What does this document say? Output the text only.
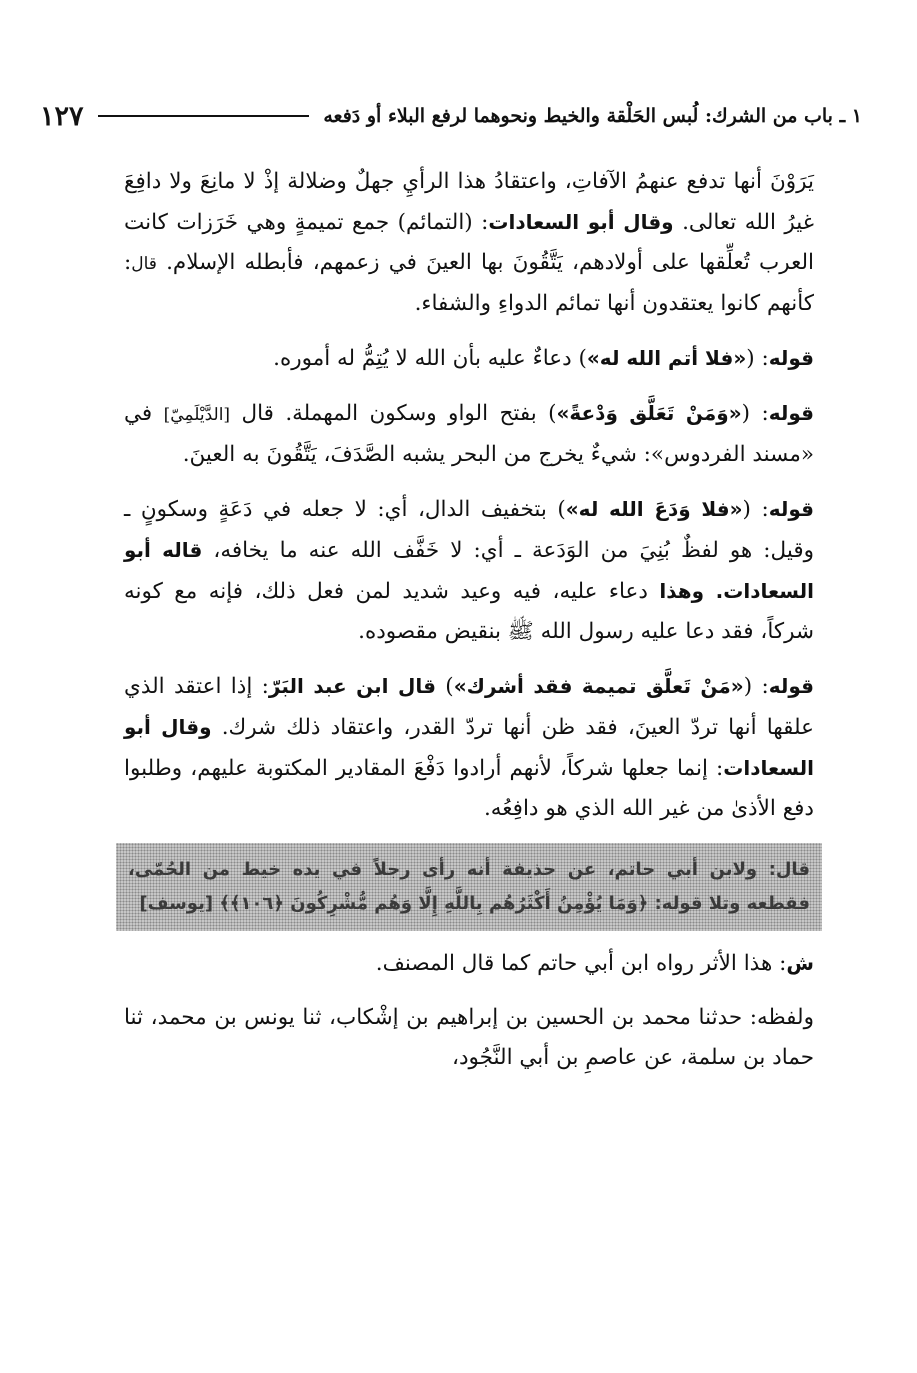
١٢٧	١ ـ باب من الشرك: لُبس الحَلْقة والخيط ونحوهما لرفع البلاء أو دَفعه

يَرَوْنَ أنها تدفع عنهمُ الآفاتِ، واعتقادُ هذا الرأيِ جهلٌ وضلالة إذْ لا مانِعَ ولا دافِعَ غيرُ الله تعالى. وقال أبو السعادات: (التمائم) جمع تميمةٍ وهي خَرَزات كانت العرب تُعلِّقها على أولادهم، يَتَّقُونَ بها العينَ في زعمهم، فأبطله الإسلام. قال: كأنهم كانوا يعتقدون أنها تمائم الدواءِ والشفاء.

قوله: («فلا أتم الله له») دعاءٌ عليه بأن الله لا يُتِمُّ له أموره.

قوله: («وَمَنْ تَعَلَّق وَدْعةً») بفتح الواو وسكون المهملة. قال [الدَّيْلَمِيّ] في «مسند الفردوس»: شيءٌ يخرج من البحر يشبه الصَّدَفَ، يَتَّقُونَ به العينَ.

قوله: («فلا وَدَعَ الله له») بتخفيف الدال، أي: لا جعله في دَعَةٍ وسكونٍ ـ وقيل: هو لفظٌ بُنِيَ من الوَدَعة ـ أي: لا خَفَّف الله عنه ما يخافه، قاله أبو السعادات. وهذا دعاء عليه، فيه وعيد شديد لمن فعل ذلك، فإنه مع كونه شركاً، فقد دعا عليه رسول الله ﷺ بنقيض مقصوده.

قوله: («مَنْ تَعلَّق تميمة فقد أشرك») قال ابن عبد البَرّ: إذا اعتقد الذي علقها أنها تردّ العينَ، فقد ظن أنها تردّ القدر، واعتقاد ذلك شرك. وقال أبو السعادات: إنما جعلها شركاً، لأنهم أرادوا دَفْعَ المقادير المكتوبة عليهم، وطلبوا دفع الأذىٰ من غير الله الذي هو دافِعُه.

قال: ولابن أبي حاتم، عن حذيفة أنه رأى رجلاً في يده خيط من الحُمّى، فقطعه وتلا قوله: ﴿وَمَا يُؤْمِنُ أَكْثَرُهُم بِاللَّهِ إِلَّا وَهُم مُّشْرِكُونَ ﴿١٠٦﴾﴾ [يوسف]

ش: هذا الأثر رواه ابن أبي حاتم كما قال المصنف.

ولفظه: حدثنا محمد بن الحسين بن إبراهيم بن إشْكاب، ثنا يونس بن محمد، ثنا حماد بن سلمة، عن عاصمِ بن أبي النَّجُود،
